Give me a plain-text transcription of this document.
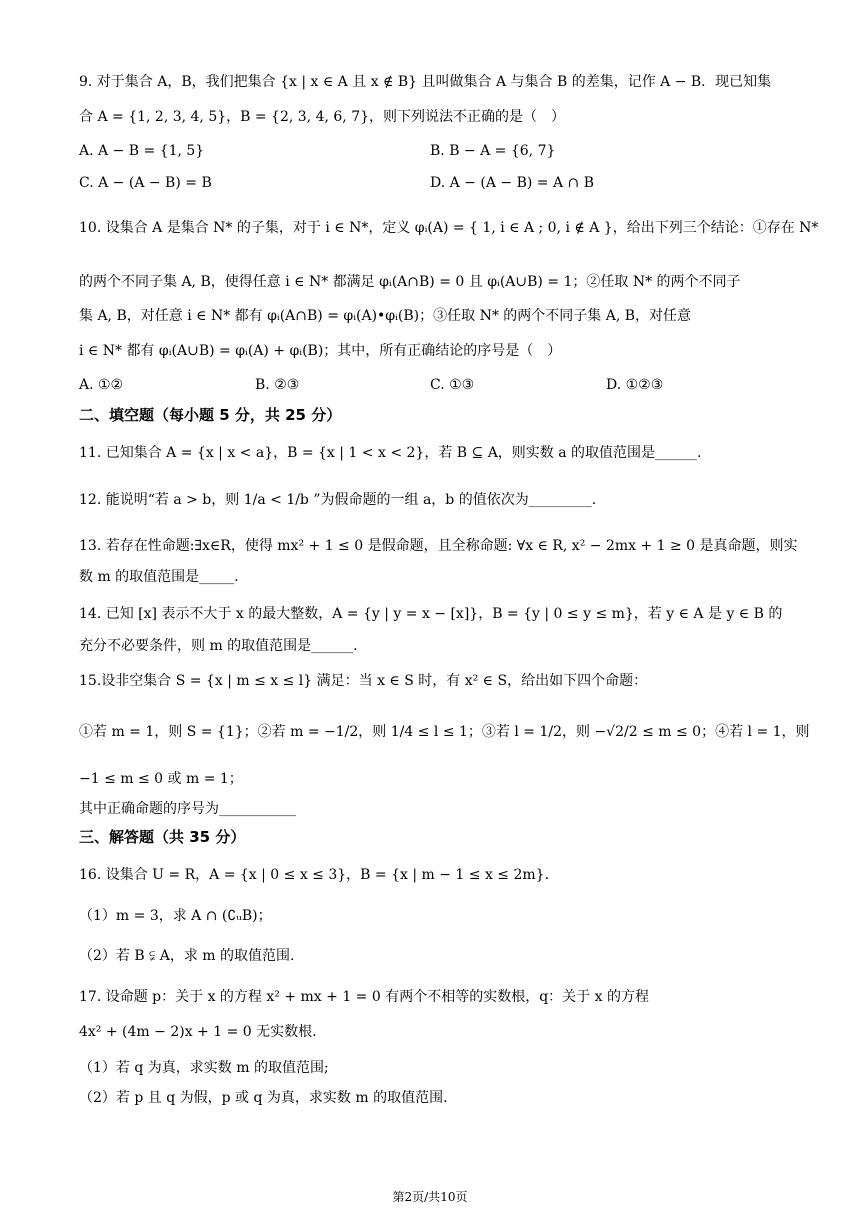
9. 对于集合 A，B，我们把集合 {x | x ∈ A 且 x ∉ B} 且叫做集合 A 与集合 B 的差集，记作 A − B．现已知集
合 A = {1, 2, 3, 4, 5}，B = {2, 3, 4, 6, 7}，则下列说法不正确的是（　）
A. A − B = {1, 5}	B. B − A = {6, 7}
C. A − (A − B) = B	D. A − (A − B) = A ∩ B
10. 设集合 A 是集合 N* 的子集，对于 i ∈ N*，定义 φᵢ(A) = { 1, i ∈ A ; 0, i ∉ A }，给出下列三个结论：①存在 N*
的两个不同子集 A, B，使得任意 i ∈ N* 都满足 φᵢ(A∩B) = 0 且 φᵢ(A∪B) = 1；②任取 N* 的两个不同子
集 A, B，对任意 i ∈ N* 都有 φᵢ(A∩B) = φᵢ(A)•φᵢ(B)；③任取 N* 的两个不同子集 A, B，对任意
i ∈ N* 都有 φᵢ(A∪B) = φᵢ(A) + φᵢ(B)；其中，所有正确结论的序号是（　）
A. ①②	B. ②③	C. ①③	D. ①②③
二、填空题（每小题 5 分，共 25 分）
11. 已知集合 A = {x | x < a}，B = {x | 1 < x < 2}，若 B ⊆ A，则实数 a 的取值范围是______.
12. 能说明“若 a > b，则 1/a < 1/b ”为假命题的一组 a，b 的值依次为_________.
13. 若存在性命题:∃x∈R，使得 mx² + 1 ≤ 0 是假命题，且全称命题: ∀x ∈ R, x² − 2mx + 1 ≥ 0 是真命题，则实
数 m 的取值范围是_____.
14. 已知 [x] 表示不大于 x 的最大整数，A = {y | y = x − [x]}，B = {y | 0 ≤ y ≤ m}，若 y ∈ A 是 y ∈ B 的
充分不必要条件，则 m 的取值范围是______.
15.设非空集合 S = {x | m ≤ x ≤ l} 满足：当 x ∈ S 时，有 x² ∈ S，给出如下四个命题：
①若 m = 1，则 S = {1}；②若 m = −1/2，则 1/4 ≤ l ≤ 1；③若 l = 1/2，则 −√2/2 ≤ m ≤ 0；④若 l = 1，则
−1 ≤ m ≤ 0 或 m = 1；
其中正确命题的序号为___________
三、解答题（共 35 分）
16. 设集合 U = R，A = {x | 0 ≤ x ≤ 3}，B = {x | m − 1 ≤ x ≤ 2m}.
（1）m = 3，求 A ∩ (∁ᵤB)；
（2）若 B ⫋ A，求 m 的取值范围.
17. 设命题 p：关于 x 的方程 x² + mx + 1 = 0 有两个不相等的实数根，q：关于 x 的方程
4x² + (4m − 2)x + 1 = 0 无实数根.
（1）若 q 为真，求实数 m 的取值范围;
（2）若 p 且 q 为假，p 或 q 为真，求实数 m 的取值范围.
第2页/共10页
